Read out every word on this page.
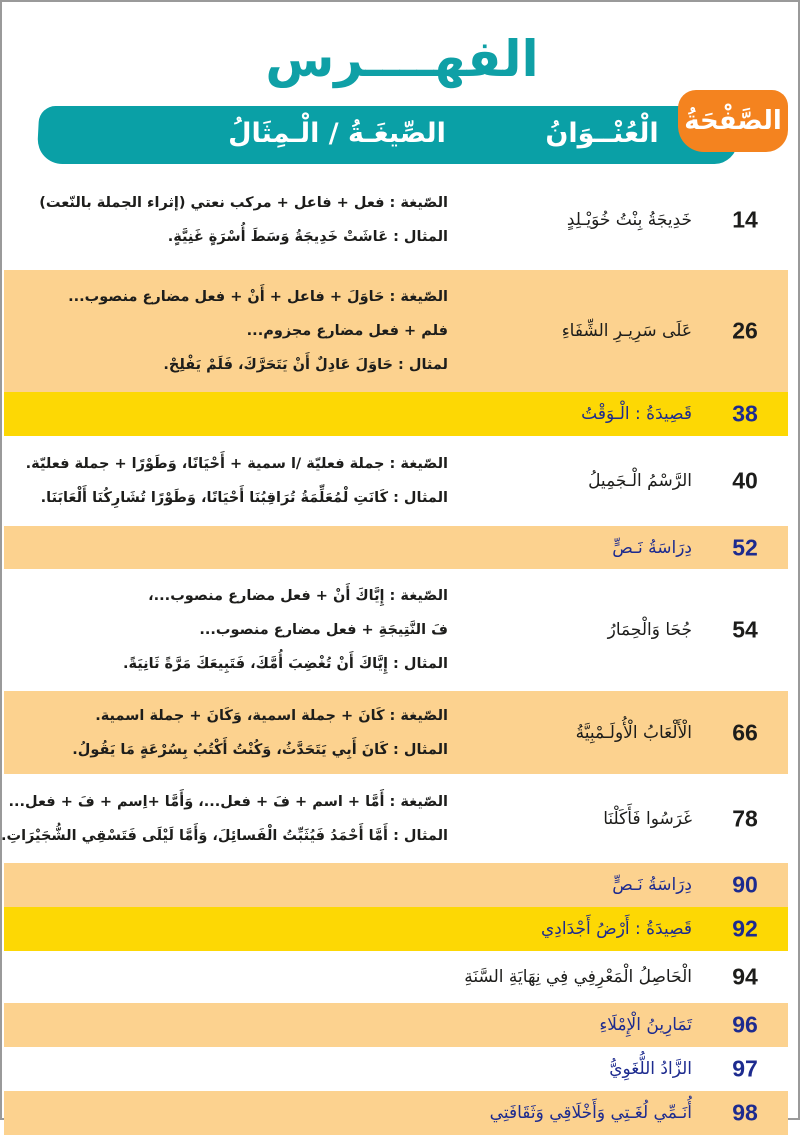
الفهــــرس
الْعُنْــوَانُ
الصِّيغَـةُ / الْـمِثَالُ	الصَّفْحَةُ
14
خَدِيجَةُ بِنْتُ خُوَيْـلِدٍ
الصّيغة : فعل + فاعل + مركب نعتي (إثراء الجملة بالنّعت)
المثال : عَاشَتْ خَدِيجَةُ وَسَطَ أُسْرَةٍ غَنِيَّةٍ.
26
عَلَى سَرِيـرِ الشِّفَاءِ
الصّيغة : حَاوَلَ + فاعل + أَنْ + فعل مضارع منصوب...
فلم + فعل مضارع مجزوم...
لمثال : حَاوَلَ عَادِلٌ أَنْ يَتَحَرَّكَ، فَلَمْ يَفْلِحْ.
38
قَصِيدَةُ : الْـوَقْتُ
40
الرَّسْمُ الْـجَمِيلُ
الصّيغة : جملة فعليّة /ا سمية + أَحْيَانًا، وَطَوْرًا + جملة فعليّة.
المثال : كَانَتِ لْمُعَلِّمَةُ تُرَاقِبُنَا أَحْيَانًا، وَطَوْرًا تُشَارِكُنَا أَلْعَابَنَا.
52
دِرَاسَةُ نَـصٍّ
54
جُحَا وَالْحِمَارُ
الصّيغة : إِيَّاكَ أَنْ + فعل مضارع منصوب...،
فَ النَّتِيجَةِ + فعل مضارع منصوب...
المثال : إِيَّاكَ أَنْ تُغْضِبَ أُمَّكَ، فَتَبِيعَكَ مَرَّةً ثَانِيَةً.
66
الْأَلْعَابُ الْأُولَـمْبِيَّةُ
الصّيغة : كَانَ + جملة اسمية، وَكَانَ + جملة اسمية.
المثال : كَانَ أَبِي يَتَحَدَّثُ، وَكُنْتُ أَكْتُبُ بِسُرْعَةٍ مَا يَقُولُ.
78
غَرَسُوا فَأَكَلْنَا
الصّيغة : أَمَّا + اسم + فَ + فعل...، وَأَمَّا +اِسم + فَ + فعل...
المثال : أَمَّا أَحْمَدُ فَيُثَبِّتُ الْفَسائِلَ، وَأَمَّا لَيْلَى فَتَسْقِي الشُّجَيْرَاتِ.
90
دِرَاسَةُ نَـصٍّ
92
قَصِيدَةُ : أَرْضُ أَجْدَادِي
94
الْحَاصِلُ الْمَعْرِفِي فِي نِهَايَةِ السَّنَةِ
96
تَمَارِينُ الْإِمْلَاءِ
97
الزَّادُ اللُّغَوِيُّ
98
أُنَـمِّي لُغَـتِي وَأَخْلَاقِي وَثَقَافَتِي
